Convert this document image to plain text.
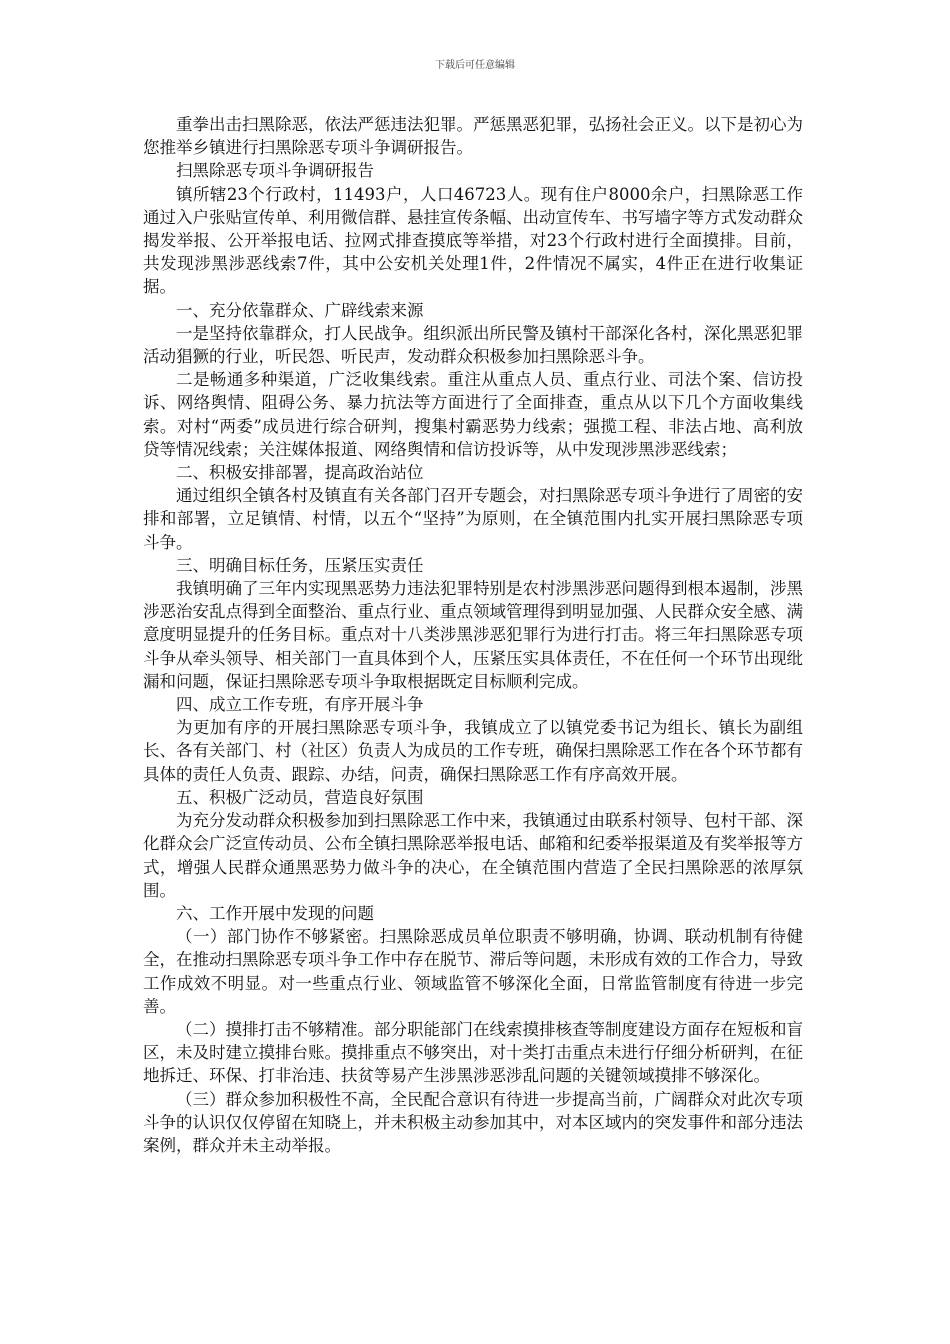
下载后可任意编辑

重拳出击扫黑除恶，依法严惩违法犯罪。严惩黑恶犯罪，弘扬社会正义。以下是初心为您推举乡镇进行扫黑除恶专项斗争调研报告。

扫黑除恶专项斗争调研报告

镇所辖23个行政村，11493户，人口46723人。现有住户8000余户，扫黑除恶工作通过入户张贴宣传单、利用微信群、悬挂宣传条幅、出动宣传车、书写墙字等方式发动群众揭发举报、公开举报电话、拉网式排查摸底等举措，对23个行政村进行全面摸排。目前，共发现涉黑涉恶线索7件，其中公安机关处理1件，2件情况不属实，4件正在进行收集证据。

一、充分依靠群众、广辟线索来源

一是坚持依靠群众，打人民战争。组织派出所民警及镇村干部深化各村，深化黑恶犯罪活动猖獗的行业，听民怨、听民声，发动群众积极参加扫黑除恶斗争。

二是畅通多种渠道，广泛收集线索。重注从重点人员、重点行业、司法个案、信访投诉、网络舆情、阻碍公务、暴力抗法等方面进行了全面排查，重点从以下几个方面收集线索。对村“两委”成员进行综合研判，搜集村霸恶势力线索；强揽工程、非法占地、高利放贷等情况线索；关注媒体报道、网络舆情和信访投诉等，从中发现涉黑涉恶线索；

二、积极安排部署，提高政治站位

通过组织全镇各村及镇直有关各部门召开专题会，对扫黑除恶专项斗争进行了周密的安排和部署，立足镇情、村情，以五个“坚持”为原则，在全镇范围内扎实开展扫黑除恶专项斗争。

三、明确目标任务，压紧压实责任

我镇明确了三年内实现黑恶势力违法犯罪特别是农村涉黑涉恶问题得到根本遏制，涉黑涉恶治安乱点得到全面整治、重点行业、重点领域管理得到明显加强、人民群众安全感、满意度明显提升的任务目标。重点对十八类涉黑涉恶犯罪行为进行打击。将三年扫黑除恶专项斗争从牵头领导、相关部门一直具体到个人，压紧压实具体责任，不在任何一个环节出现纰漏和问题，保证扫黑除恶专项斗争取根据既定目标顺利完成。

四、成立工作专班，有序开展斗争

为更加有序的开展扫黑除恶专项斗争，我镇成立了以镇党委书记为组长、镇长为副组长、各有关部门、村（社区）负责人为成员的工作专班，确保扫黑除恶工作在各个环节都有具体的责任人负责、跟踪、办结，问责，确保扫黑除恶工作有序高效开展。

五、积极广泛动员，营造良好氛围

为充分发动群众积极参加到扫黑除恶工作中来，我镇通过由联系村领导、包村干部、深化群众会广泛宣传动员、公布全镇扫黑除恶举报电话、邮箱和纪委举报渠道及有奖举报等方式，增强人民群众通黑恶势力做斗争的决心，在全镇范围内营造了全民扫黑除恶的浓厚氛围。

六、工作开展中发现的问题

（一）部门协作不够紧密。扫黑除恶成员单位职责不够明确，协调、联动机制有待健全，在推动扫黑除恶专项斗争工作中存在脱节、滞后等问题，未形成有效的工作合力，导致工作成效不明显。对一些重点行业、领域监管不够深化全面，日常监管制度有待进一步完善。

（二）摸排打击不够精准。部分职能部门在线索摸排核查等制度建设方面存在短板和盲区，未及时建立摸排台账。摸排重点不够突出，对十类打击重点未进行仔细分析研判，在征地拆迁、环保、打非治违、扶贫等易产生涉黑涉恶涉乱问题的关键领域摸排不够深化。

（三）群众参加积极性不高，全民配合意识有待进一步提高当前，广阔群众对此次专项斗争的认识仅仅停留在知晓上，并未积极主动参加其中，对本区域内的突发事件和部分违法案例，群众并未主动举报。
